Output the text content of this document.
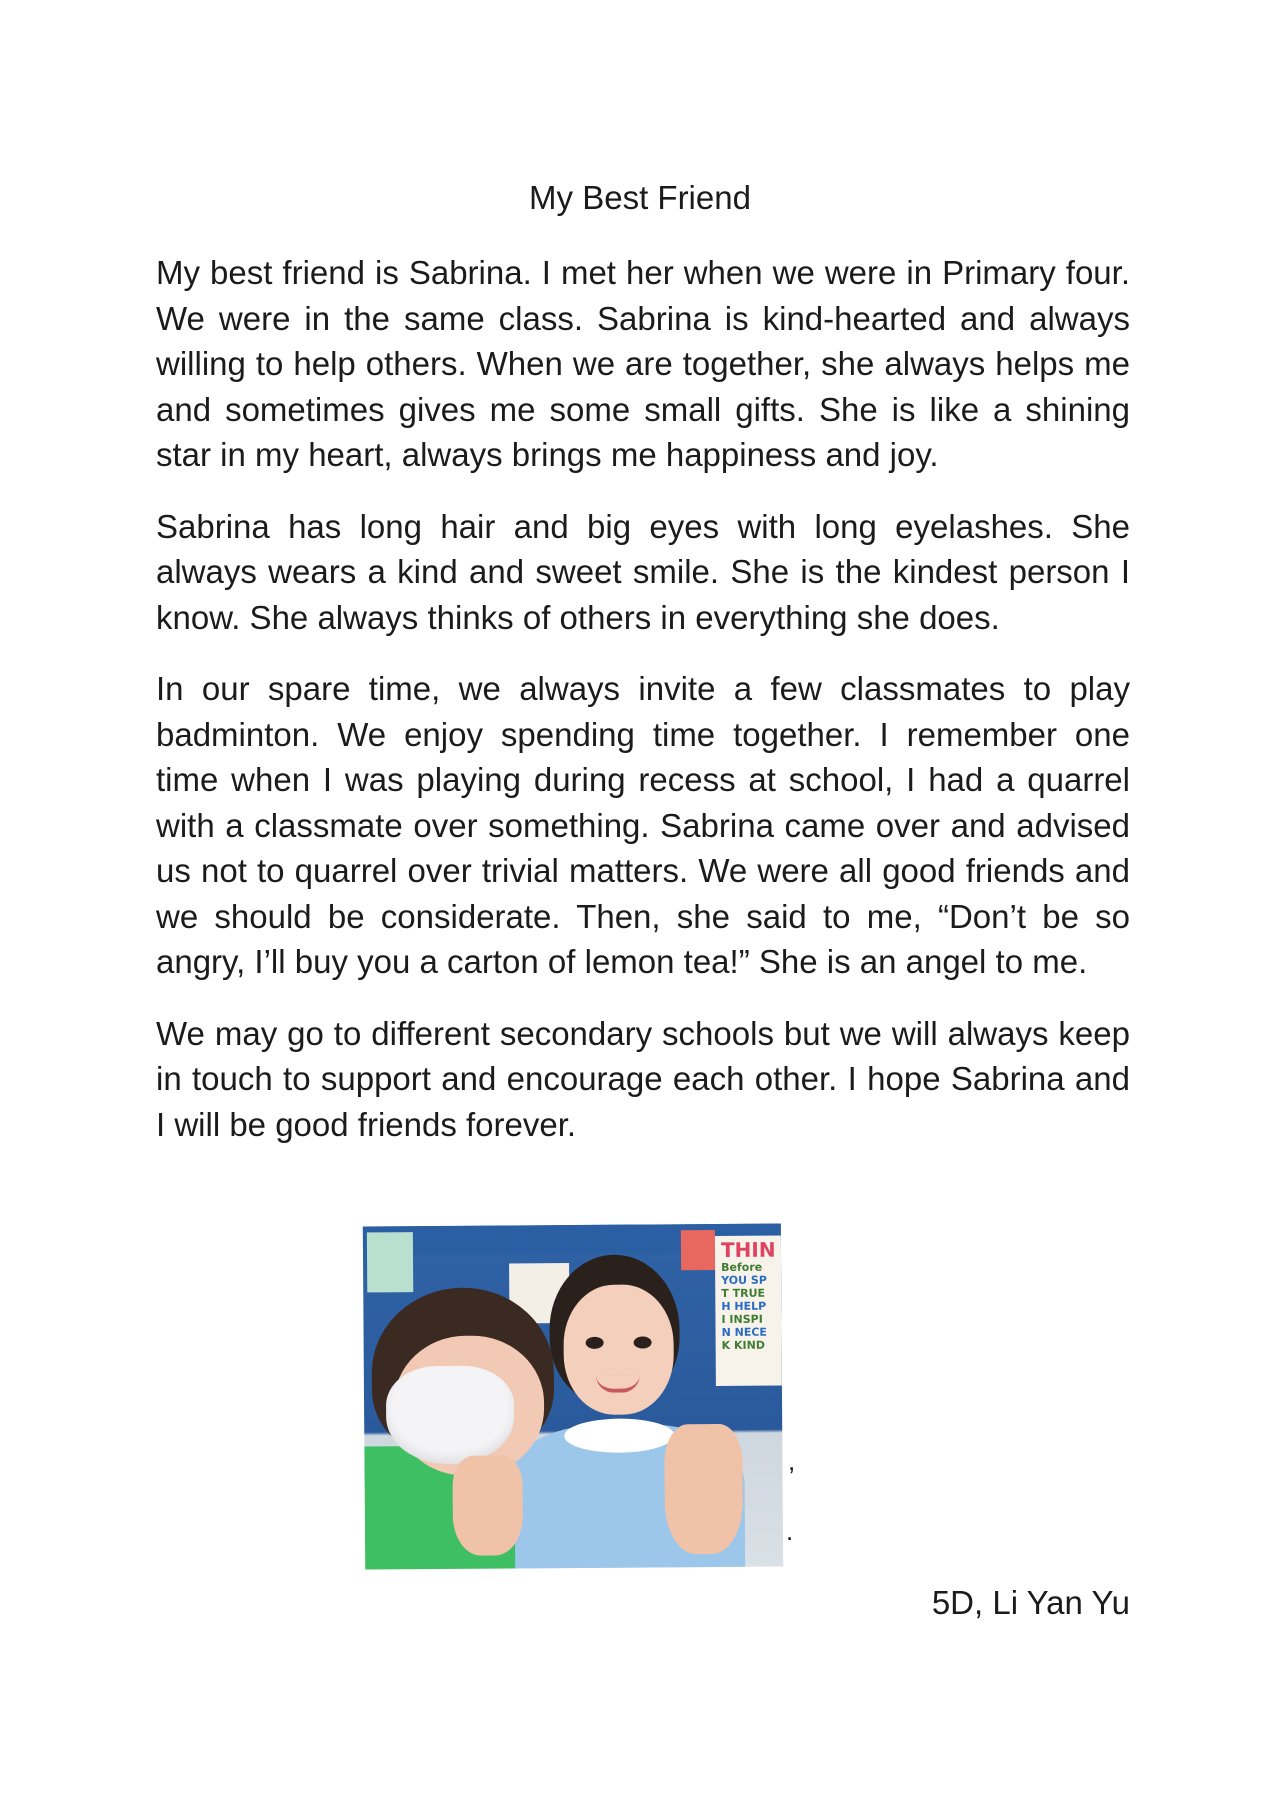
My Best Friend

My best friend is Sabrina. I met her when we were in Primary four. We were in the same class. Sabrina is kind-hearted and always willing to help others. When we are together, she always helps me and sometimes gives me some small gifts. She is like a shining star in my heart, always brings me happiness and joy.

Sabrina has long hair and big eyes with long eyelashes. She always wears a kind and sweet smile. She is the kindest person I know. She always thinks of others in everything she does.

In our spare time, we always invite a few classmates to play badminton. We enjoy spending time together. I remember one time when I was playing during recess at school, I had a quarrel with a classmate over something. Sabrina came over and advised us not to quarrel over trivial matters. We were all good friends and we should be considerate. Then, she said to me, “Don’t be so angry, I’ll buy you a carton of lemon tea!” She is an angel to me.

We may go to different secondary schools but we will always keep in touch to support and encourage each other. I hope Sabrina and I will be good friends forever.

THIN
Before
YOU SP
T TRUE
H HELP
I INSPI
N NECE
K KIND
,
.
5D, Li Yan Yu
